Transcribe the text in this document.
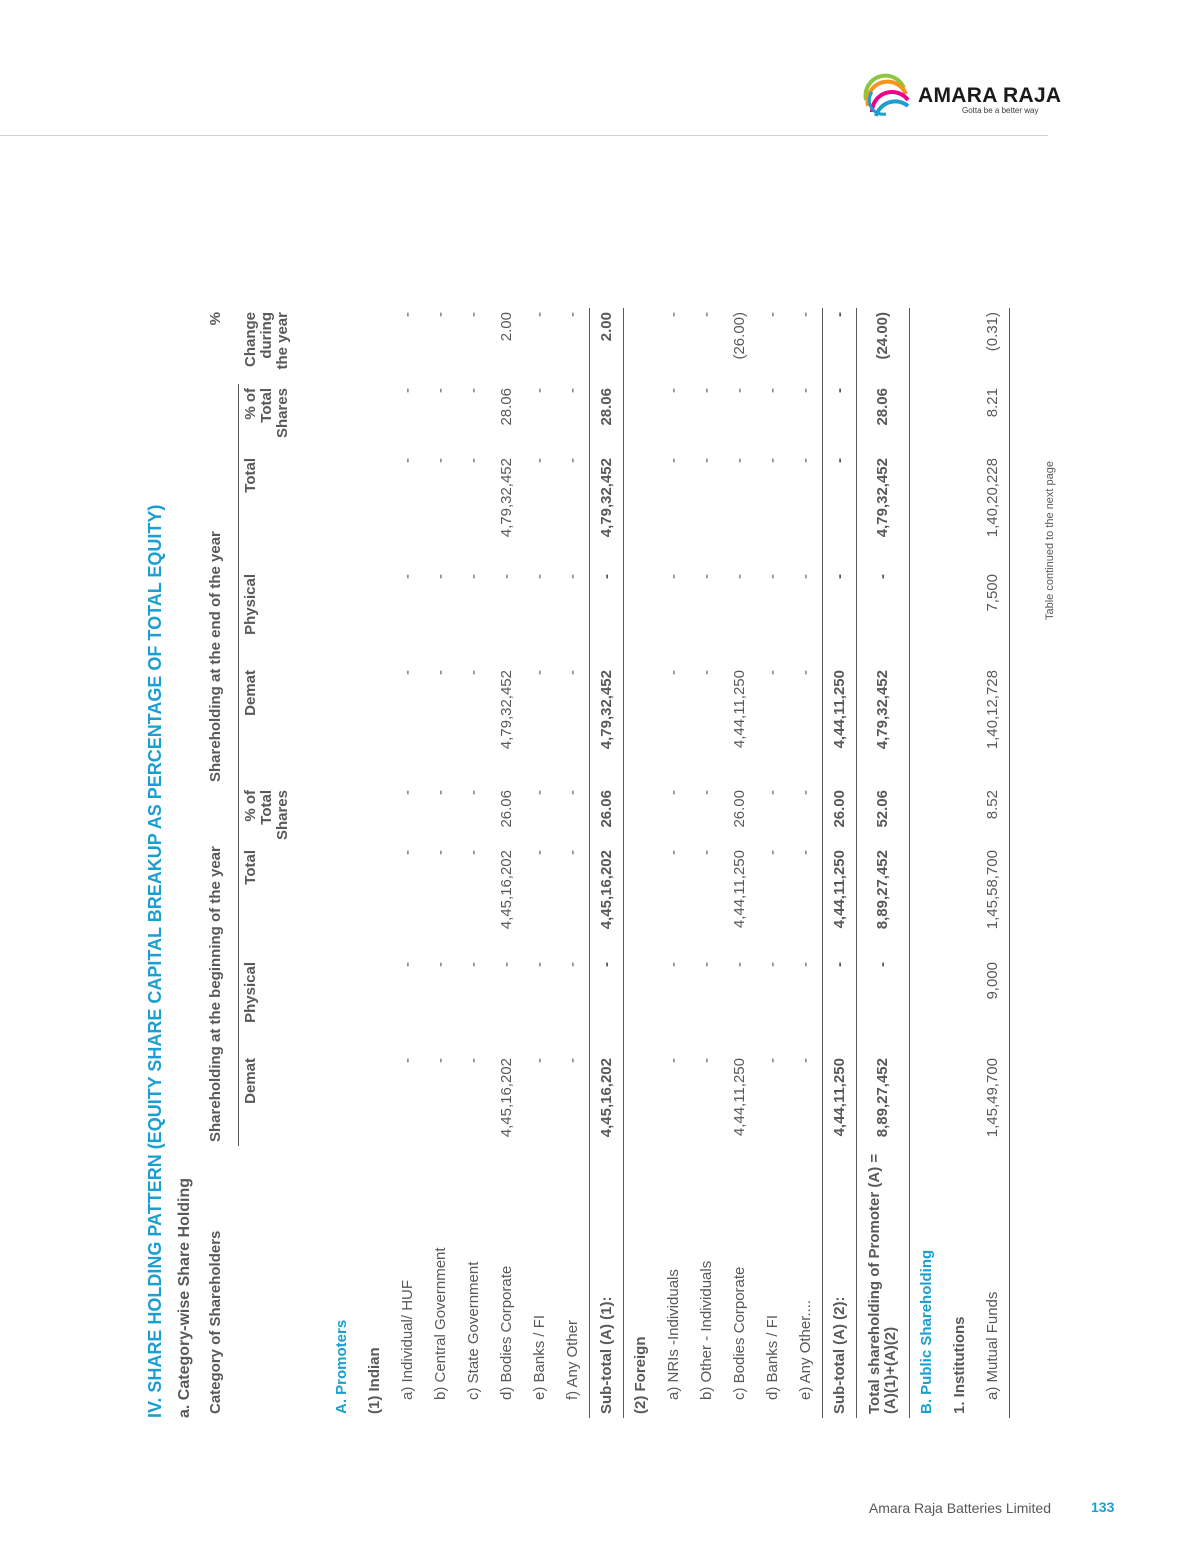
AMARA RAJA
Gotta be a better way
IV. SHARE HOLDING PATTERN (EQUITY SHARE CAPITAL BREAKUP AS PERCENTAGE OF TOTAL EQUITY) a. Category-wise Share Holding Category of Shareholders	Shareholding at the beginning of the year				Shareholding at the end of the year				%
	Demat	Physical	Total	% of
Total
Shares	Demat	Physical	Total	% of
Total
Shares	Change
during
the year
A. Promoters									
(1) Indian									
a) Individual/ HUF	-	-	-	-	-	-	-	-	-
b) Central Government	-	-	-	-	-	-	-	-	-
c) State Government	-	-	-	-	-	-	-	-	-
d) Bodies Corporate	4,45,16,202	-	4,45,16,202	26.06	4,79,32,452	-	4,79,32,452	28.06	2.00
e) Banks / FI	-	-	-	-	-	-	-	-	-
f) Any Other	-	-	-	-	-	-	-	-	-
Sub-total (A) (1):	4,45,16,202	-	4,45,16,202	26.06	4,79,32,452	-	4,79,32,452	28.06	2.00
(2) Foreign									
a) NRIs -Individuals	-	-	-	-	-	-	-	-	-
b) Other - Individuals	-	-	-	-	-	-	-	-	-
c) Bodies Corporate	4,44,11,250	-	4,44,11,250	26.00	4,44,11,250	-	-	-	(26.00)
d) Banks / FI	-	-	-	-	-	-	-	-	-
e) Any Other....	-	-	-	-	-	-	-	-	-
Sub-total (A) (2):	4,44,11,250	-	4,44,11,250	26.00	4,44,11,250	-	-	-	-
Total shareholding of Promoter (A) = (A)(1)+(A)(2)	8,89,27,452	-	8,89,27,452	52.06	4,79,32,452	-	4,79,32,452	28.06	(24.00)
B. Public Shareholding									
1. Institutions									
a) Mutual Funds	1,45,49,700	9,000	1,45,58,700	8.52	1,40,12,728	7,500	1,40,20,228	8.21	(0.31)
Table continued to the next page
Amara Raja Batteries Limited	133
